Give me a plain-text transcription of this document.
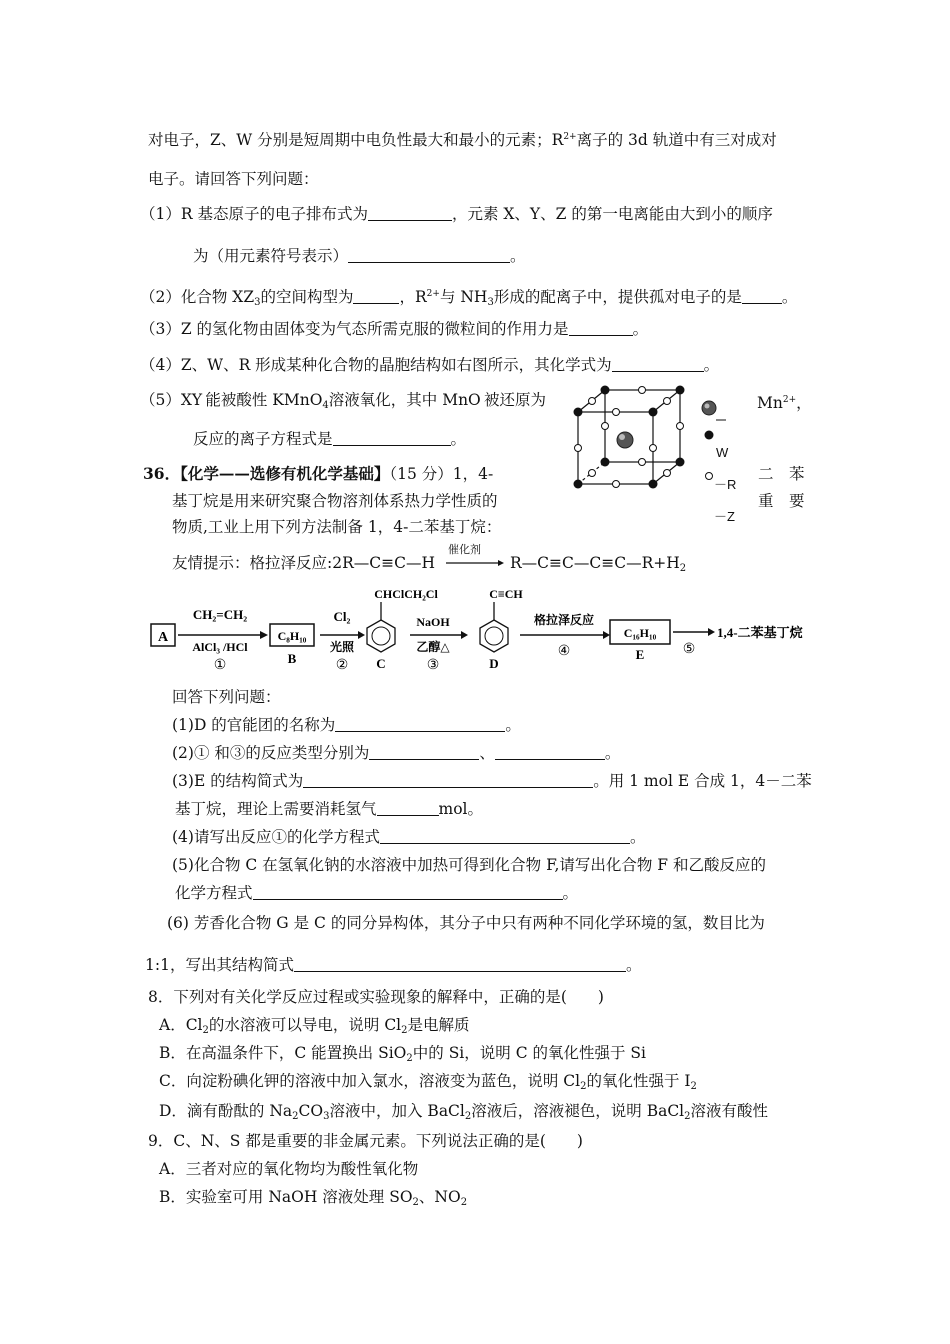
对电子，Z、W 分别是短周期中电负性最大和最小的元素；$R^{2+}$离子的 3d 轨道中有三对成对
电子。请回答下列问题：
（1）R 基态原子的电子排布式为	，元素 X、Y、Z 的第一电离能由大到小的顺序
为（用元素符号表示）	。
（2）化合物 $XZ_3$的空间构型为	，$R^{2+}$与 $NH_3$形成的配离子中，提供孤对电子的是	。
（3）Z 的氢化物由固体变为气态所需克服的微粒间的作用力是	。
（4）Z、W、R 形成某种化合物的晶胞结构如右图所示，其化学式为	。
（5）XY 能被酸性 KMnO$_4$溶液氧化，其中 MnO 被还原为	$Mn^{2+}$，
反应的离子方程式是	。
W
－R
－Z
36．【化学——选修有机化学基础】（15 分）1，4-	二　苯
基丁烷是用来研究聚合物溶剂体系热力学性质的	重　要
物质,工业上用下列方法制备 1，4-二苯基丁烷：
友情提示：格拉泽反应:2R—C≡C—H
催化剂
$R—C\equiv C—C\equiv C—R+H_2$
A
CH₂=CH₂
AlCl₃ /HCl
①
C₈H₁₀
B
Cl₂
光照
②
CHClCH₂Cl
C
NaOH
乙醇△
③
C≡CH
D
格拉泽反应
④
C₁₆H₁₀
E	⑤
1,4-二苯基丁烷
回答下列问题：
(1)D 的官能团的名称为	。
(2)① 和③的反应类型分别为	、	。
(3)E 的结构简式为	。用 1 mol E 合成 1，4－二苯
基丁烷，理论上需要消耗氢气	mol。
(4)请写出反应①的化学方程式	。
(5)化合物 C 在氢氧化钠的水溶液中加热可得到化合物 F,请写出化合物 F 和乙酸反应的
化学方程式	。
(6) 芳香化合物 G 是 C 的同分异构体，其分子中只有两种不同化学环境的氢，数目比为
1:1，写出其结构简式	。
8．下列对有关化学反应过程或实验现象的解释中，正确的是(　　)
A．$Cl_2$的水溶液可以导电，说明 $Cl_2$是电解质
B．在高温条件下，C 能置换出 SiO$_2$中的 Si，说明 C 的氧化性强于 Si
C．向淀粉碘化钾的溶液中加入氯水，溶液变为蓝色，说明 $Cl_2$的氧化性强于 $I_2$
D．滴有酚酞的 $Na_2CO_3$溶液中，加入 BaCl$_2$溶液后，溶液褪色，说明 BaCl$_2$溶液有酸性
9．C、N、S 都是重要的非金属元素。下列说法正确的是(　　)
A．三者对应的氧化物均为酸性氧化物
B．实验室可用 NaOH 溶液处理 $SO_2$、$NO_2$
